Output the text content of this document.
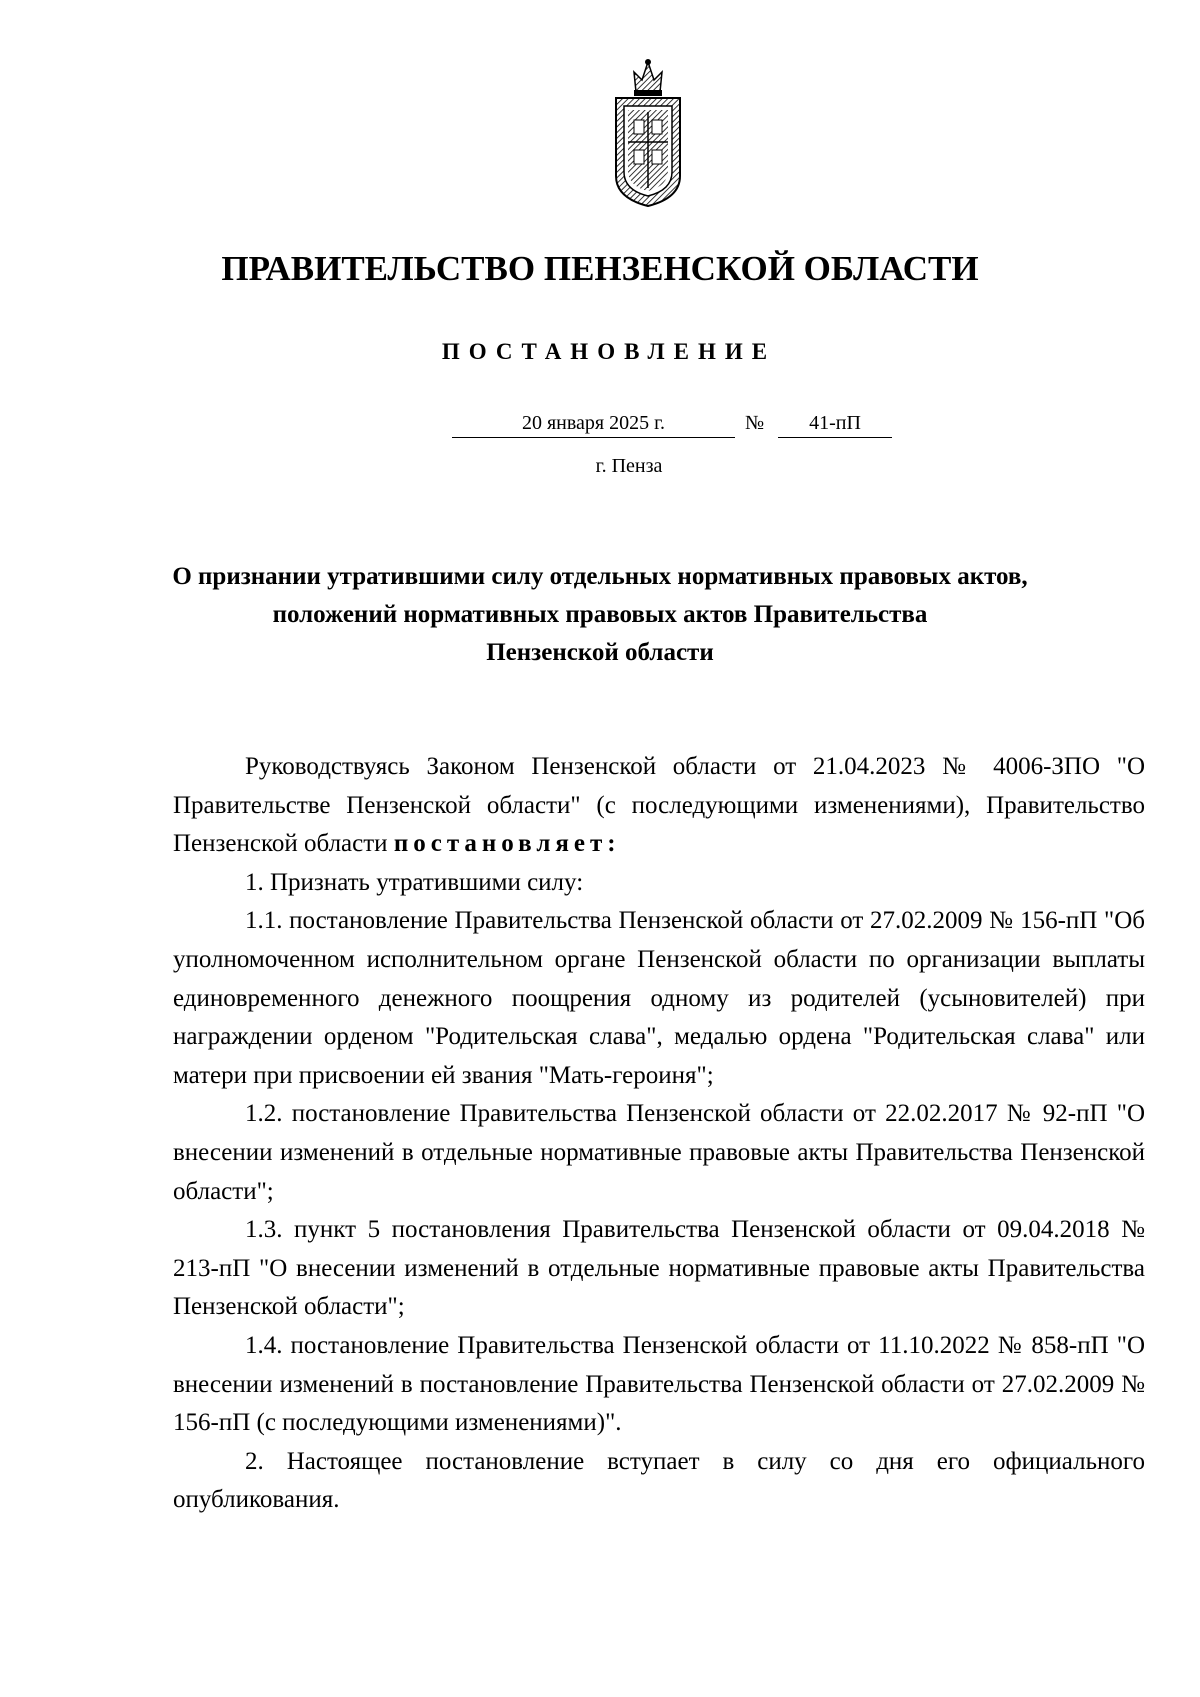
ПРАВИТЕЛЬСТВО ПЕНЗЕНСКОЙ ОБЛАСТИ
ПОСТАНОВЛЕНИЕ
20 января 2025 г.	№	41-пП
г. Пенза
О признании утратившими силу отдельных нормативных правовых актов,
положений нормативных правовых актов Правительства
Пензенской области

Руководствуясь Законом Пензенской области от 21.04.2023 № 4006-ЗПО "О Правительстве Пензенской области" (с последующими изменениями), Правительство Пензенской области постановляет:

1. Признать утратившими силу:

1.1. постановление Правительства Пензенской области от 27.02.2009 № 156-пП "Об уполномоченном исполнительном органе Пензенской области по организации выплаты единовременного денежного поощрения одному из родителей (усыновителей) при награждении орденом "Родительская слава", медалью ордена "Родительская слава" или матери при присвоении ей звания "Мать-героиня";

1.2. постановление Правительства Пензенской области от 22.02.2017 № 92-пП "О внесении изменений в отдельные нормативные правовые акты Правительства Пензенской области";

1.3. пункт 5 постановления Правительства Пензенской области от 09.04.2018 № 213-пП "О внесении изменений в отдельные нормативные правовые акты Правительства Пензенской области";

1.4. постановление Правительства Пензенской области от 11.10.2022 № 858-пП "О внесении изменений в постановление Правительства Пензенской области от 27.02.2009 № 156-пП (с последующими изменениями)".

2. Настоящее постановление вступает в силу со дня его официального опубликования.
